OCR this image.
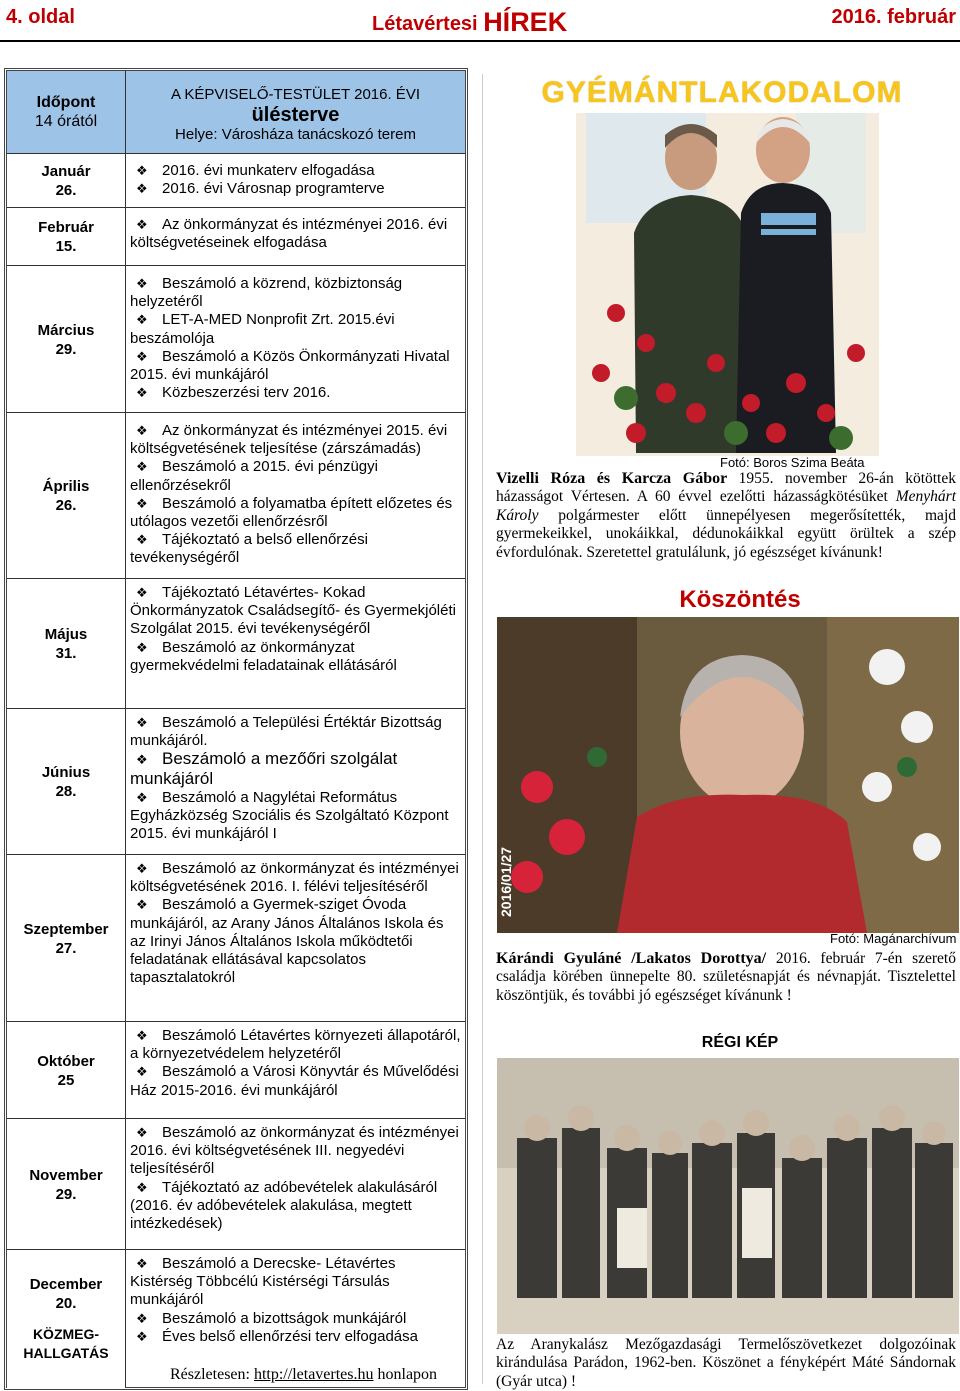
4. oldal	Létavértesi HÍREK	2016. február
Időpont
14 órától
A KÉPVISELŐ-TESTÜLET 2016. ÉVI
ülésterve
Helye: Városháza tanácskozó terem
Január
26.
❖ 2016. évi munkaterv elfogadása
❖ 2016. évi Városnap programterve
Február
15.
❖ Az önkormányzat és intézményei 2016. évi költségvetéseinek elfogadása
Március
29.
❖ Beszámoló a közrend, közbiztonság helyzetéről
❖ LET-A-MED Nonprofit Zrt. 2015.évi beszámolója
❖ Beszámoló a Közös Önkormányzati Hivatal 2015. évi munkájáról
❖ Közbeszerzési terv 2016.
Április
26.
❖ Az önkormányzat és intézményei 2015. évi költségvetésének teljesítése (zárszámadás)
❖ Beszámoló a 2015. évi pénzügyi ellenőrzésekről
❖ Beszámoló a folyamatba épített előzetes és utólagos vezetői ellenőrzésről
❖ Tájékoztató a belső ellenőrzési tevékenységéről
Május
31.
❖ Tájékoztató Létavértes- Kokad Önkormányzatok Családsegítő- és Gyermekjóléti Szolgálat 2015. évi tevékenységéről
❖ Beszámoló az önkormányzat gyermekvédelmi feladatainak ellátásáról
Június
28.
❖ Beszámoló a Települési Értéktár Bizottság munkájáról.
❖ Beszámoló a mezőőri szolgálat munkájáról
❖ Beszámoló a Nagylétai Református Egyházközség Szociális és Szolgáltató Központ 2015. évi munkájáról I
Szeptember
27.
❖ Beszámoló az önkormányzat és intézményei költségvetésének 2016. I. félévi teljesítéséről
❖ Beszámoló a Gyermek-sziget Óvoda munkájáról, az Arany János Általános Iskola és az Irinyi János Általános Iskola működtetői feladatának ellátásával kapcsolatos tapasztalatokról
Október
25
❖ Beszámoló Létavértes környezeti állapotáról, a környezetvédelem helyzetéről
❖ Beszámoló a Városi Könyvtár és Művelődési Ház 2015-2016. évi munkájáról
November
29.
❖ Beszámoló az önkormányzat és intézményei 2016. évi költségvetésének III. negyedévi teljesítéséről
❖ Tájékoztató az adóbevételek alakulásáról (2016. év adóbevételek alakulása, megtett intézkedések)
December
20.
KÖZMEG-
HALLGATÁS
❖ Beszámoló a Derecske- Létavértes Kistérség Többcélú Kistérségi Társulás munkájáról
❖ Beszámoló a bizottságok munkájáról
❖ Éves belső ellenőrzési terv elfogadása
Részletesen: http://letavertes.hu honlapon
GYÉMÁNTLAKODALOM
Fotó: Boros Szima Beáta
Vizelli Róza és Karcza Gábor 1955. november 26-án kötöttek házasságot Vértesen. A 60 évvel ezelőtti házasságkötésüket Menyhárt Károly polgármester előtt ünnepélyesen megerősítették, majd gyermekeikkel, unokáikkal, dédunokáikkal együtt örültek a szép évfordulónak. Szeretettel gratulálunk, jó egészséget kívánunk!
Köszöntés
2016/01/27
Fotó: Magánarchívum
Kárándi Gyuláné /Lakatos Dorottya/ 2016. február 7-én szerető családja körében ünnepelte 80. születésnapját és névnapját. Tisztelettel köszöntjük, és további jó egészséget kívánunk !
RÉGI KÉP
Az Aranykalász Mezőgazdasági Termelőszövetkezet dolgozóinak kirándulása Parádon, 1962-ben. Köszönet a fényképért Máté Sándornak (Gyár utca) !
